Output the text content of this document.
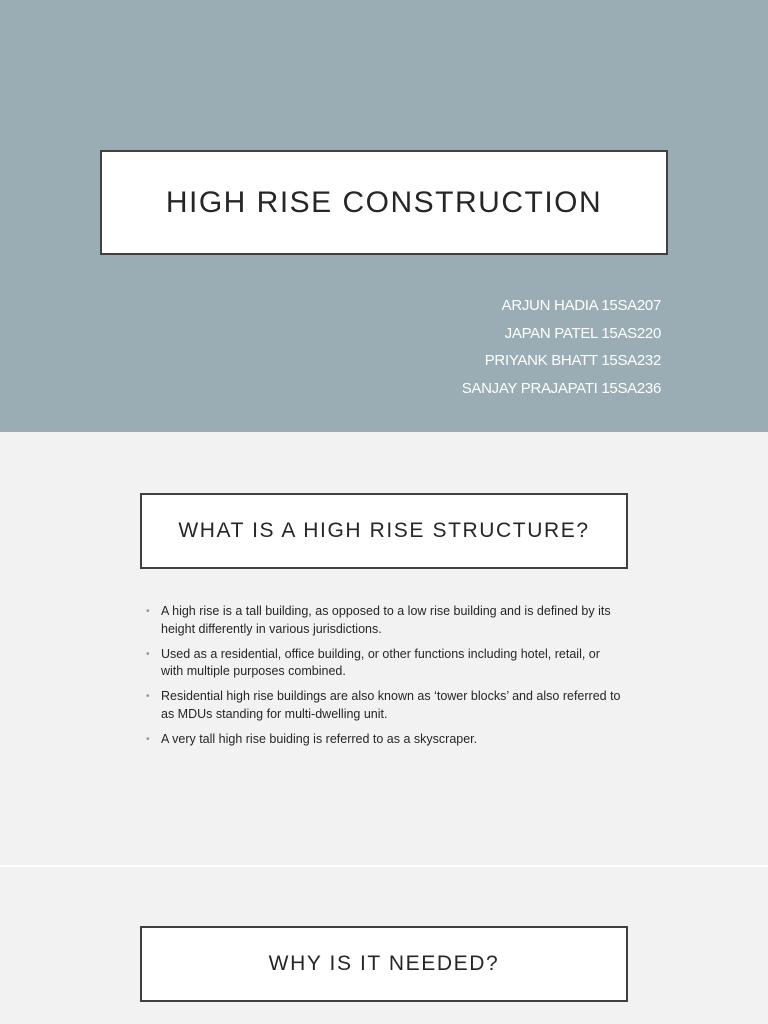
HIGH RISE CONSTRUCTION
ARJUN HADIA 15SA207
JAPAN PATEL 15AS220
PRIYANK BHATT 15SA232
SANJAY PRAJAPATI 15SA236
WHAT IS A HIGH RISE STRUCTURE?
• A high rise is a tall building, as opposed to a low rise building and is defined by its height differently in various jurisdictions.
• Used as a residential, office building, or other functions including hotel, retail, or with multiple purposes combined.
• Residential high rise buildings are also known as ‘tower blocks’ and also referred to as MDUs standing for multi-dwelling unit.
• A very tall high rise buiding is referred to as a skyscraper.
WHY IS IT NEEDED?
